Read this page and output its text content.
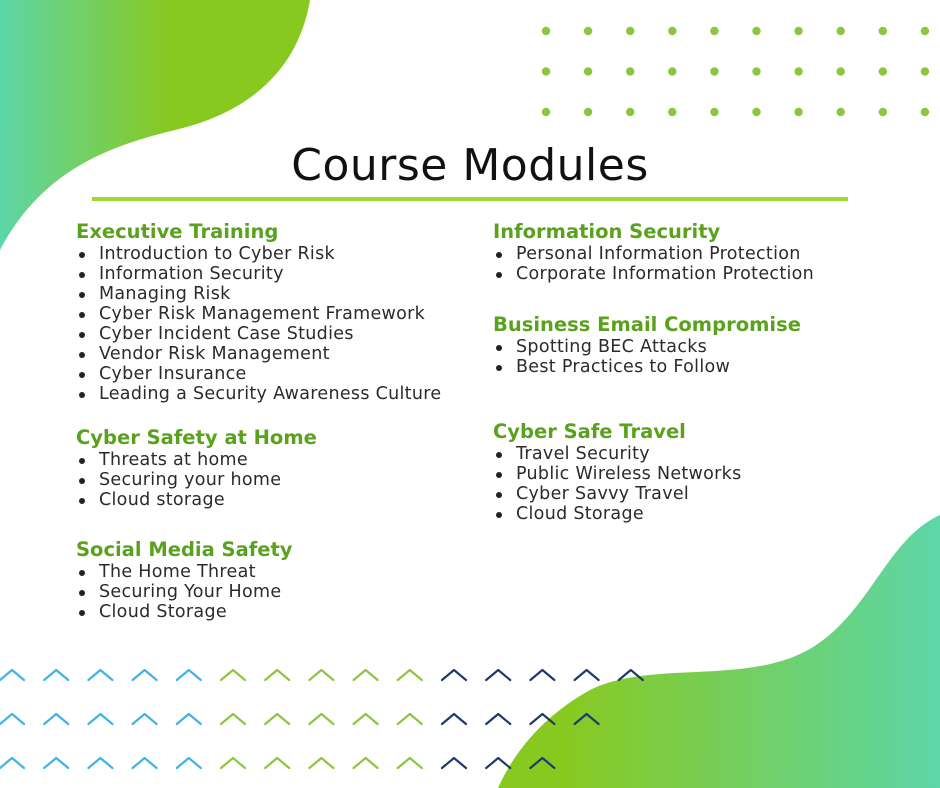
Course Modules
Executive Training
Introduction to Cyber Risk
Information Security
Managing Risk
Cyber Risk Management Framework
Cyber Incident Case Studies
Vendor Risk Management
Cyber Insurance
Leading a Security Awareness Culture
Cyber Safety at Home
Threats at home
Securing your home
Cloud storage
Social Media Safety
The Home Threat
Securing Your Home
Cloud Storage
Information Security
Personal Information Protection
Corporate Information Protection
Business Email Compromise
Spotting BEC Attacks
Best Practices to Follow
Cyber Safe Travel
Travel Security
Public Wireless Networks
Cyber Savvy Travel
Cloud Storage
